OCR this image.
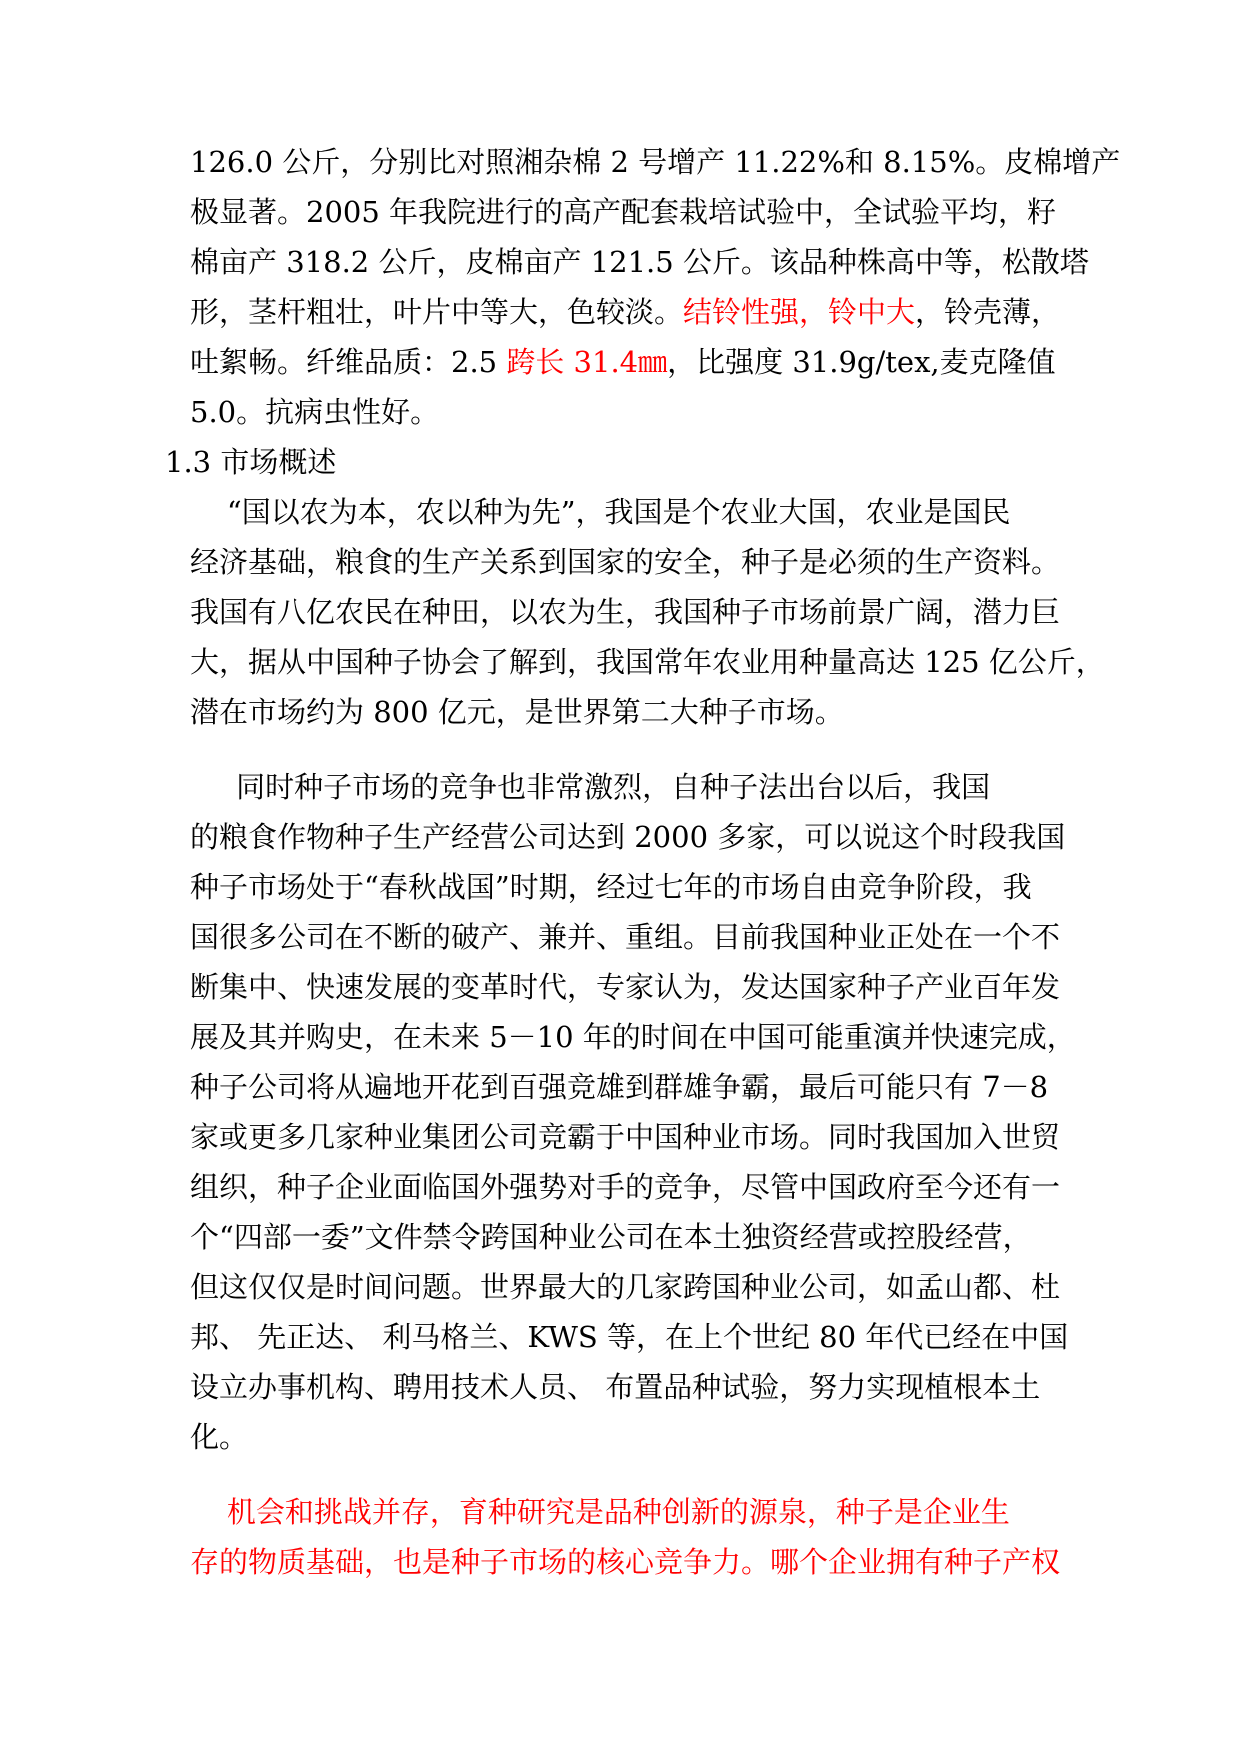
126.0 公斤，分别比对照湘杂棉 2 号增产 11.22%和 8.15%。皮棉增产
极显著。2005 年我院进行的高产配套栽培试验中，全试验平均，籽
棉亩产 318.2 公斤，皮棉亩产 121.5 公斤。该品种株高中等，松散塔
形，茎杆粗壮，叶片中等大，色较淡。结铃性强，铃中大，铃壳薄，
吐絮畅。纤维品质：2.5 跨长 31.4㎜，比强度 31.9g/tex,麦克隆值
5.0。抗病虫性好。
1.3 市场概述
“国以农为本，农以种为先”，我国是个农业大国，农业是国民
经济基础，粮食的生产关系到国家的安全，种子是必须的生产资料。
我国有八亿农民在种田，以农为生，我国种子市场前景广阔，潜力巨
大，据从中国种子协会了解到，我国常年农业用种量高达 125 亿公斤，
潜在市场约为 800 亿元，是世界第二大种子市场。
同时种子市场的竞争也非常激烈，自种子法出台以后，我国
的粮食作物种子生产经营公司达到 2000 多家，可以说这个时段我国
种子市场处于“春秋战国”时期，经过七年的市场自由竞争阶段，我
国很多公司在不断的破产、兼并、重组。目前我国种业正处在一个不
断集中、快速发展的变革时代，专家认为，发达国家种子产业百年发
展及其并购史，在未来 5－10 年的时间在中国可能重演并快速完成，
种子公司将从遍地开花到百强竞雄到群雄争霸，最后可能只有 7－8
家或更多几家种业集团公司竞霸于中国种业市场。同时我国加入世贸
组织，种子企业面临国外强势对手的竞争，尽管中国政府至今还有一
个“四部一委”文件禁令跨国种业公司在本土独资经营或控股经营，
但这仅仅是时间问题。世界最大的几家跨国种业公司，如孟山都、杜
邦、 先正达、 利马格兰、KWS 等，在上个世纪 80 年代已经在中国
设立办事机构、聘用技术人员、 布置品种试验，努力实现植根本土
化。
机会和挑战并存，育种研究是品种创新的源泉，种子是企业生
存的物质基础，也是种子市场的核心竞争力。哪个企业拥有种子产权
